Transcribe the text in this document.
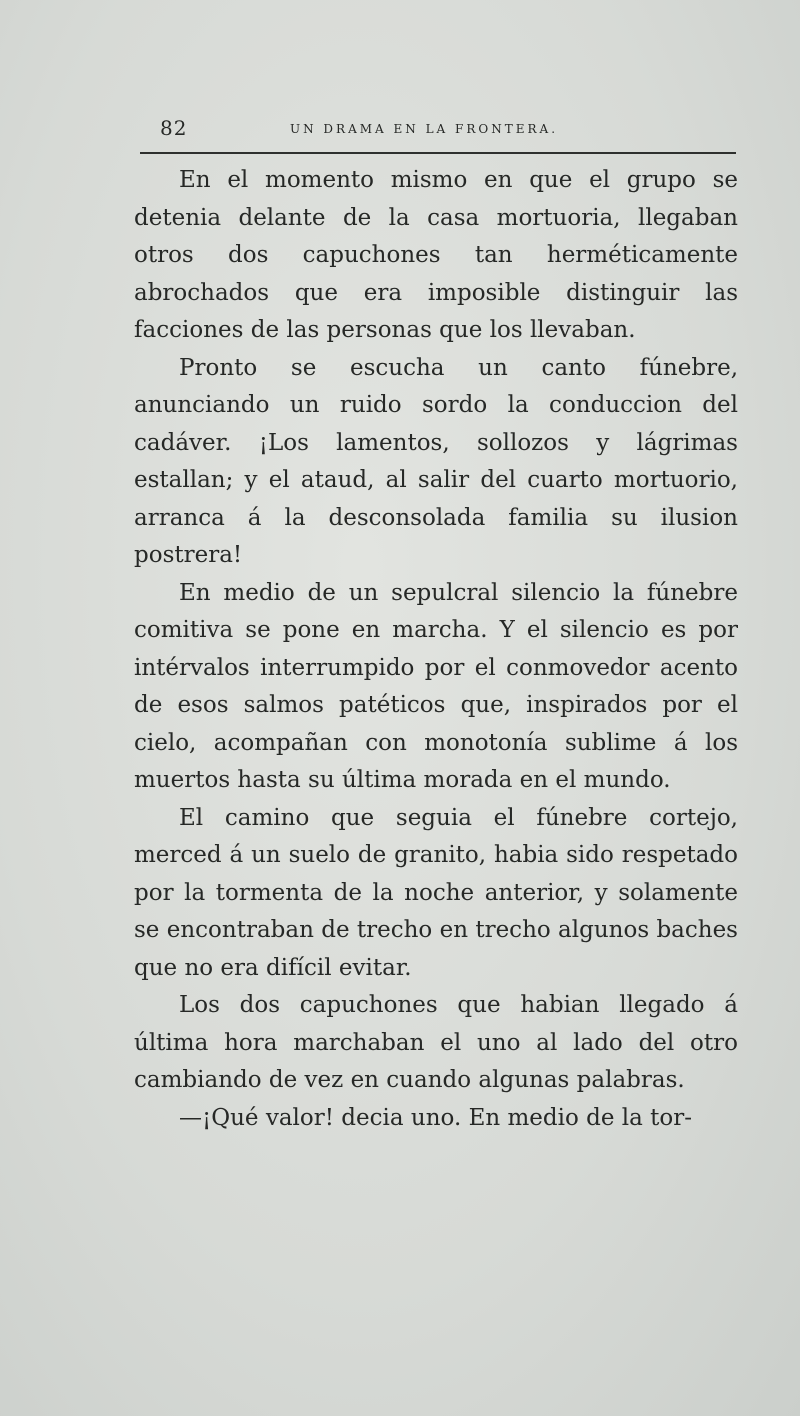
82	UN DRAMA EN LA FRONTERA.

En el momento mismo en que el grupo se detenia delante de la casa mortuoria, llegaban otros dos capuchones tan herméticamente abrochados que era imposible distinguir las facciones de las personas que los llevaban.

Pronto se escucha un canto fúnebre, anunciando un ruido sordo la conduccion del cadáver. ¡Los lamentos, sollozos y lágrimas estallan; y el ataud, al salir del cuarto mortuorio, arranca á la desconsolada familia su ilusion postrera!

En medio de un sepulcral silencio la fúnebre comitiva se pone en marcha. Y el silencio es por intérvalos interrumpido por el conmovedor acento de esos salmos patéticos que, inspirados por el cielo, acompañan con monotonía sublime á los muertos hasta su última morada en el mundo.

El camino que seguia el fúnebre cortejo, merced á un suelo de granito, habia sido respetado por la tormenta de la noche anterior, y solamente se encontraban de trecho en trecho algunos baches que no era difícil evitar.

Los dos capuchones que habian llegado á última hora marchaban el uno al lado del otro cambiando de vez en cuando algunas palabras.

—¡Qué valor! decia uno. En medio de la tor-
